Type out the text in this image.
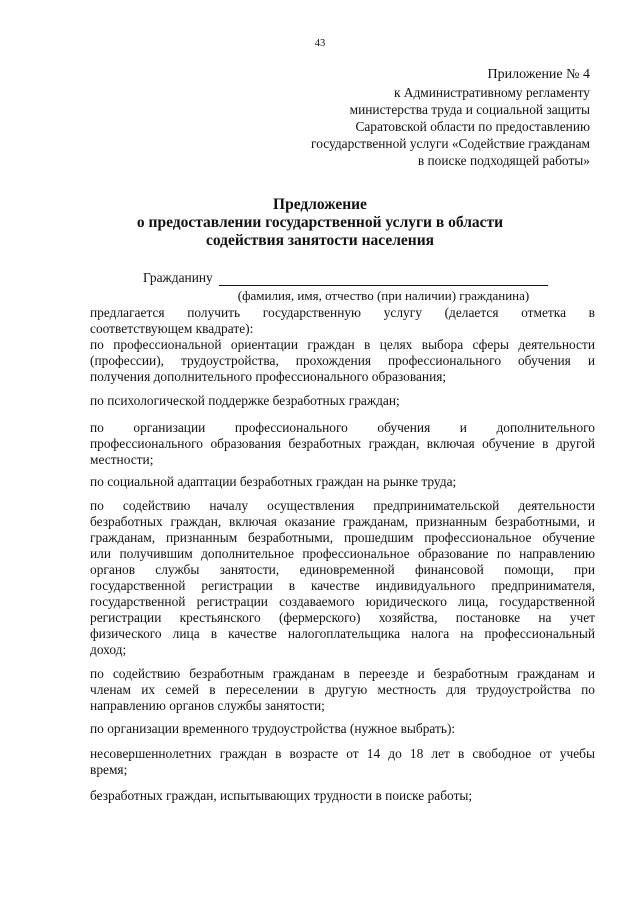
43
Приложение № 4
к Административному регламенту
министерства труда и социальной защиты
Саратовской области по предоставлению
государственной услуги «Содействие гражданам
в поиске подходящей работы»
Предложение
о предоставлении государственной услуги в области
содействия занятости населения
Гражданину
(фамилия, имя, отчество (при наличии) гражданина)
предлагается получить государственную услугу (делается отметка в
соответствующем квадрате):
по профессиональной ориентации граждан в целях выбора сферы деятельности
(профессии), трудоустройства, прохождения профессионального обучения и
получения дополнительного профессионального образования;
по психологической поддержке безработных граждан;
по организации профессионального обучения и дополнительного
профессионального образования безработных граждан, включая обучение в другой
местности;
по социальной адаптации безработных граждан на рынке труда;
по содействию началу осуществления предпринимательской деятельности
безработных граждан, включая оказание гражданам, признанным безработными, и
гражданам, признанным безработными, прошедшим профессиональное обучение
или получившим дополнительное профессиональное образование по направлению
органов службы занятости, единовременной финансовой помощи, при
государственной регистрации в качестве индивидуального предпринимателя,
государственной регистрации создаваемого юридического лица, государственной
регистрации крестьянского (фермерского) хозяйства, постановке на учет
физического лица в качестве налогоплательщика налога на профессиональный
доход;
по содействию безработным гражданам в переезде и безработным гражданам и
членам их семей в переселении в другую местность для трудоустройства по
направлению органов службы занятости;
по организации временного трудоустройства (нужное выбрать):
несовершеннолетних граждан в возрасте от 14 до 18 лет в свободное от учебы
время;
безработных граждан, испытывающих трудности в поиске работы;
